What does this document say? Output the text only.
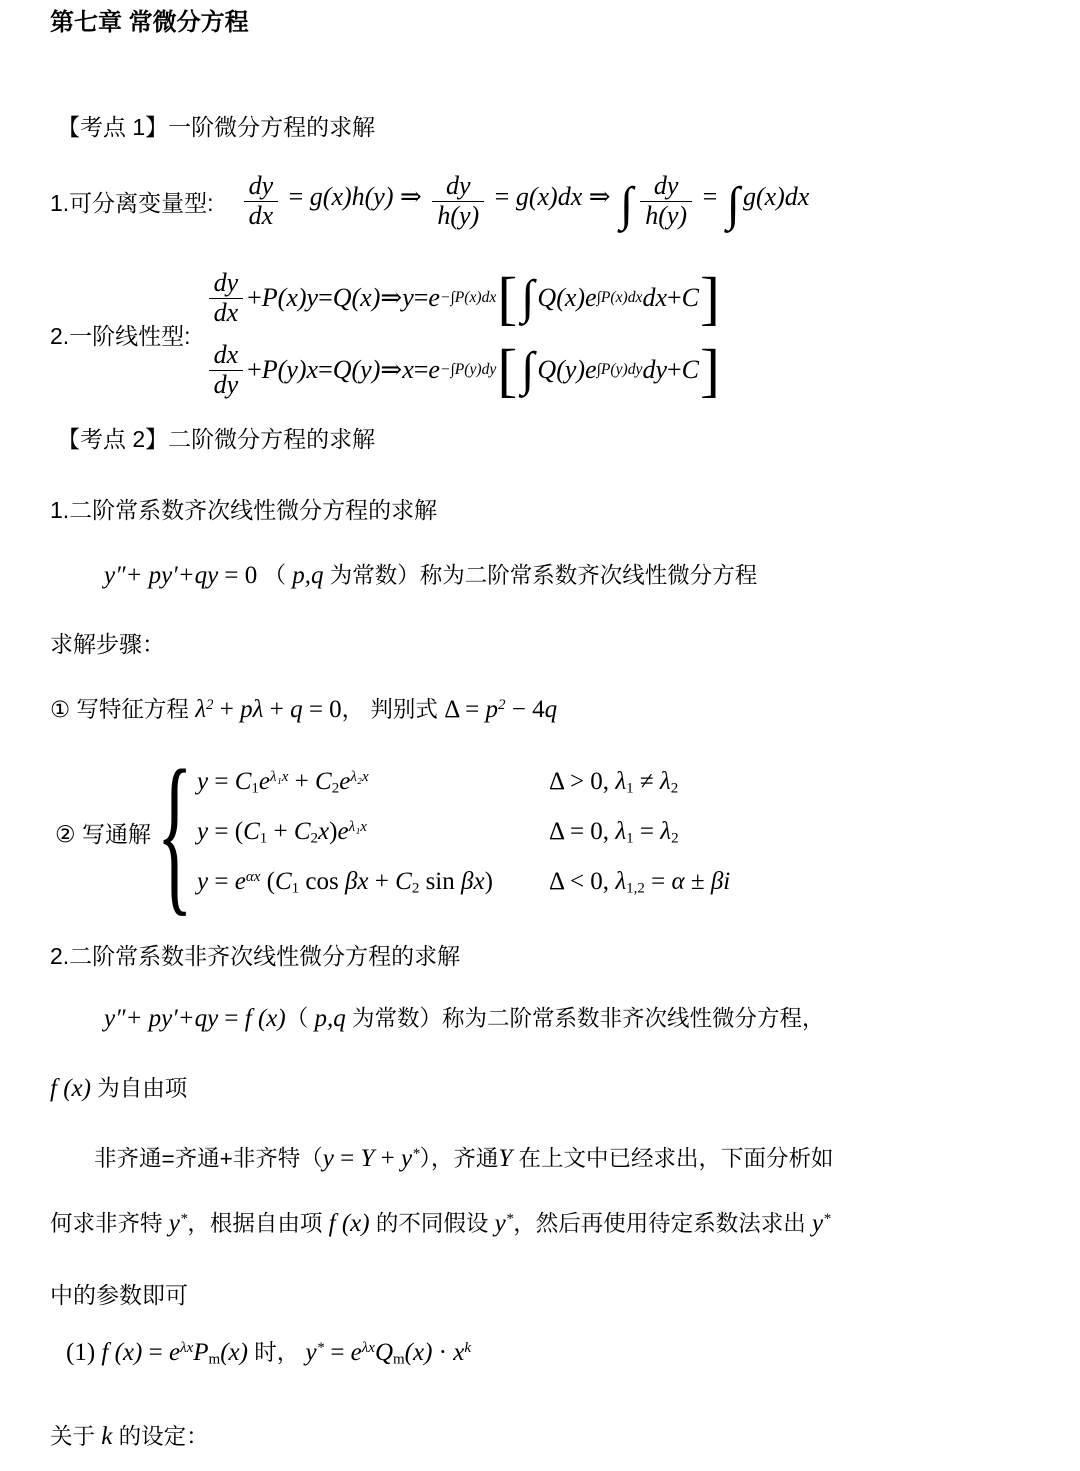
第七章 常微分方程
【考点 1】一阶微分方程的求解
1.可分离变量型: $\frac{dy}{dx} = g(x)h(y)$ ⇒ $\frac{dy}{h(y)} = g(x)dx$ ⇒ ∫ $\frac{dy}{h(y)}$ = ∫ g(x)dx
2.一阶线性型:
$\frac{dy}{dx} + P(x)y = Q(x)$ ⇒ y = e −∫P(x)dx [ ∫ Q(x)e ∫P(x)dx dx + C ]
$\frac{dx}{dy} + P(y)x = Q(y)$ ⇒ x = e −∫P(y)dy [ ∫ Q(y)e ∫P(y)dy dy + C ]
【考点 2】二阶微分方程的求解
1.二阶常系数齐次线性微分方程的求解
y″+ py′+qy = 0 （ p,q 为常数）称为二阶常系数齐次线性微分方程
求解步骤：
① 写特征方程 $\lambda^2 + p\lambda + q = 0$， 判别式 $\Delta = p^2 - 4q$
② 写通解 { $y = C1e^{\lambda_1x} + C2e^{\lambda_2x}$	Δ > 0, λ1 ≠ λ2
$y = (C1 + C2x)e^{\lambda_1x}$	Δ = 0, λ1 = λ2
$y = e^{\alpha x}$ (C1 cos βx + C2 sin βx)	Δ < 0, λ1,2 = α ± βi
2.二阶常系数非齐次线性微分方程的求解
y″+ py′+qy = f (x)（ p,q 为常数）称为二阶常系数非齐次线性微分方程，
f (x) 为自由项
非齐通=齐通+非齐特（y = Y + y*），齐通Y 在上文中已经求出，下面分析如
何求非齐特 y*，根据自由项 f (x) 的不同假设 y*，然后再使用待定系数法求出 y*
中的参数即可
(1) f $(x) = e^{\lambda x}Pm(x)$ 时， $y^* = e^{\lambda x}Qm(x) \cdot x^k$
关于 k 的设定：
